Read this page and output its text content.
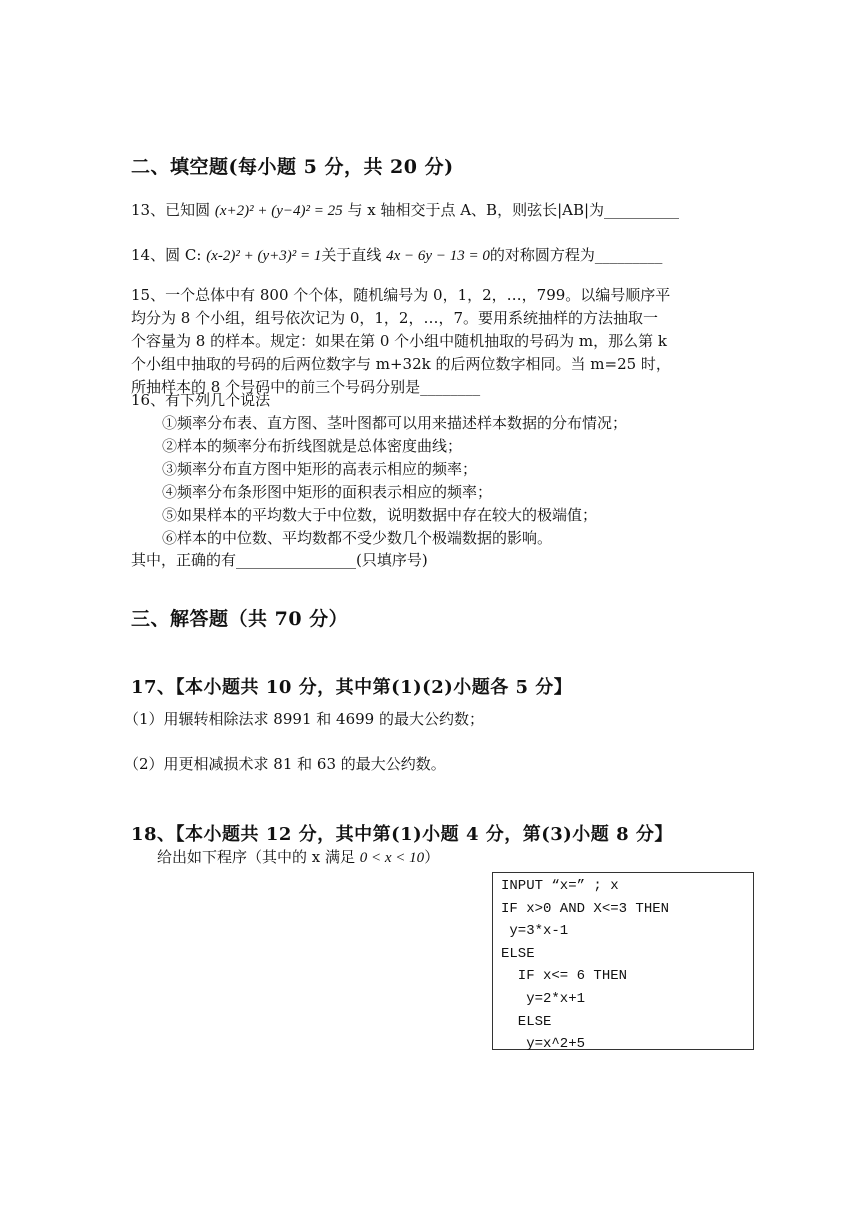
二、填空题(每小题 5 分，共 20 分)
13、已知圆 (x+2)² + (y−4)² = 25 与 x 轴相交于点 A、B，则弦长|AB|为__________
14、圆 C: (x-2)² + (y+3)² = 1关于直线 4x − 6y − 13 = 0的对称圆方程为_________
15、一个总体中有 800 个个体，随机编号为 0，1，2，…，799。以编号顺序平
均分为 8 个小组，组号依次记为 0，1，2，…，7。要用系统抽样的方法抽取一
个容量为 8 的样本。规定：如果在第 0 个小组中随机抽取的号码为 m，那么第 k
个小组中抽取的号码的后两位数字与 m+32k 的后两位数字相同。当 m=25 时，
所抽样本的 8 个号码中的前三个号码分别是________
16、有下列几个说法
①频率分布表、直方图、茎叶图都可以用来描述样本数据的分布情况；
②样本的频率分布折线图就是总体密度曲线；
③频率分布直方图中矩形的高表示相应的频率；
④频率分布条形图中矩形的面积表示相应的频率；
⑤如果样本的平均数大于中位数，说明数据中存在较大的极端值；
⑥样本的中位数、平均数都不受少数几个极端数据的影响。
其中，正确的有________________(只填序号)
三、解答题（共 70 分）
17、【本小题共 10 分，其中第(1)(2)小题各 5 分】
（1）用辗转相除法求 8991 和 4699 的最大公约数；
（2）用更相减损术求 81 和 63 的最大公约数。
18、【本小题共 12 分，其中第(1)小题 4 分，第(3)小题 8 分】
给出如下程序（其中的 x 满足 0 < x < 10）
INPUT “x=” ; x
IF x>0 AND X<=3 THEN
y=3*x-1
ELSE
IF x<= 6 THEN
y=2*x+1
ELSE
y=x^2+5
